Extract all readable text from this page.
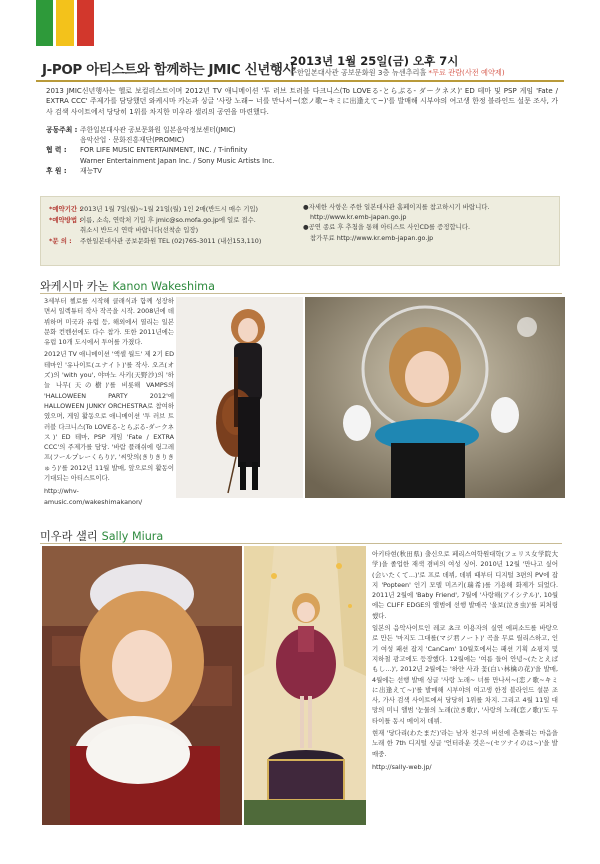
J-POP 아티스트와 함께하는 JMIC 신년행사
2013년 1월 25일(금) 오후 7시
주한일본대사관 공보문화원 3층 뉴센추리홀 *무료 관람(사전 예약제)
2013 JMIC신년행사는 헬로 보컬리스트이며 2012년 TV 애니메이션 '투 러브 트러블 다크니스(To LOVEる-とらぶる- ダークネス)' ED 테마 및 PSP 게임 'Fate / EXTRA CCC' 주제가를 담당했던 와케시마 카논과 싱글 '사랑 노래~ 너를 만나서~(恋ノ歌~キミに出逢えて~)'를 발매해 시부야의 여고생 한정 블라인드 설문 조사, 가사 검색 사이트에서 당당히 1위를 차지한 미우라 샐리의 공연을 마련했다.
공동주최 : 주한일본대사관 공보문화원 일본음악정보센터(JMIC)
음악산업 · 문화진흥재단(PROMIC)
협 력 :	FOR LIFE MUSIC ENTERTAINMENT, INC. / T-infinity
Warner Entertainment Japan Inc. / Sony Music Artists Inc.
후 원 :	재능TV
*예약기간 :
2013년 1월 7일(월)~1월 21일(월) 1인 2매(반드시 매수 기입)
*예약방법 :
이름, 소속, 연락처 기입 후 jmic@so.mofa.go.jp에 일로 접수.
취소시 반드시 연락 바랍니다(선착순 입장)
*문 의 :	주한일본대사관 공보문화원 TEL (02)765-3011 (내선153,110)
●자세한 사항은 주한 일본대사관 홈페이지를 참고하시기 바랍니다.
http://www.kr.emb-japan.go.jp
●공연 종료 후 추첨을 통해 아티스트 사인CD를 증정합니다.
참가무료 http://www.kr.emb-japan.go.jp
와케시마 카논 Kanon Wakeshima

3세부터 첼로를 시작해 클래식과 함께 성장하면서 일렉튜터 작사 작곡을 시작. 2008년에 데뷔하며 미국과 유럽 등, 해외에서 열리는 일본 문화 컨벤션에도 다수 참가. 또한 2011년에는 유럽 10개 도시에서 투어를 가졌다.

2012년 TV 애니메이션 '액셀 월드' 제 2기 ED 테마인 '유나이트(ユナイト)'를 작사. 오즈(オズ)의 'with you', 야마노 사키(天野沙)의 '하늘 나무(天の樹)'를 비롯해 VAMPS의 'HALLOWEEN PARTY 2012'에 HALLOWEEN JUNKY ORCHESTRA로 참여하였으며, 게임 활동으로 애니메이션 '투 러브 트러블 다크니스(To LOVEる-とらぶる-ダークネス)' ED 테마, PSP 게임 'Fate / EXTRA CCC'의 주제가를 담당. '바람 플래쉬에 링그레프(フールプレーくらり)', '씨앗의(きりきりきゅう)'를 2012년 11월 발매, 앞으로의 활동이 기대되는 아티스트이다.

http://whv-amusic.com/wakeshimakanon/
미우라 샐리 Sally Miura

아키타현(秋田県) 출신으로 페리스여학원대학(フェリス女学院大学)을 졸업한 재색 겸비의 여성 싱어. 2010년 12월 '만나고 싶어(会いたくて...)'로 프로 데뷔, 데뷔 때부터 디지털 3편의 PV에 잡지 'Popteen' 인기 모델 미즈키(瑞希)를 기용해 화제가 되었다. 2011년 2월에 'Baby Friend', 7월에 '사랑해(アイシテル)', 10월에는 CLIFF EDGE의 앨범에 선행 발매곡 '울보(泣き虫)'를 피처링했다.

일본의 음악사이트인 레코 쵸크 이용자의 실연 에피소드를 바탕으로 만든 '마지도 그대를(マジ君ノート)' 곡을 무료 릴리스하고, 인기 여성 패션 잡지 'CanCam' 10월호에서는 패션 기획 쇼핑지 및 지하철 광고에도 등장했다. 12월에는 '여름 들어 안녕~(たとえばもし...)', 2012년 2월에는 '하얀 사과 꽃(白い林檎の花)'을 발매, 4월에는 선행 발매 싱글 '사랑 노래~ 너를 만나서~(恋ノ歌~キミに出逢えて~)'를 발매해 시부야의 여고생 한정 블라인드 설문 조사, 가사 검색 사이트에서 당당히 1위를 차지. 그리고 4월 11일 대망의 미니 앨범 '눈물의 노래(泣き歌)', '사랑의 노래(恋ノ歌)'도 두 타이틀 동시 메이저 데뷔.

현재 '당다리(わたまだ)'라는 남자 친구의 버선에 츤툴리는 마음을 노래 한 7th 디지털 싱글 '언터라운 것은~(セツナイのは~)'을 발매중.

http://sally-web.jp/
